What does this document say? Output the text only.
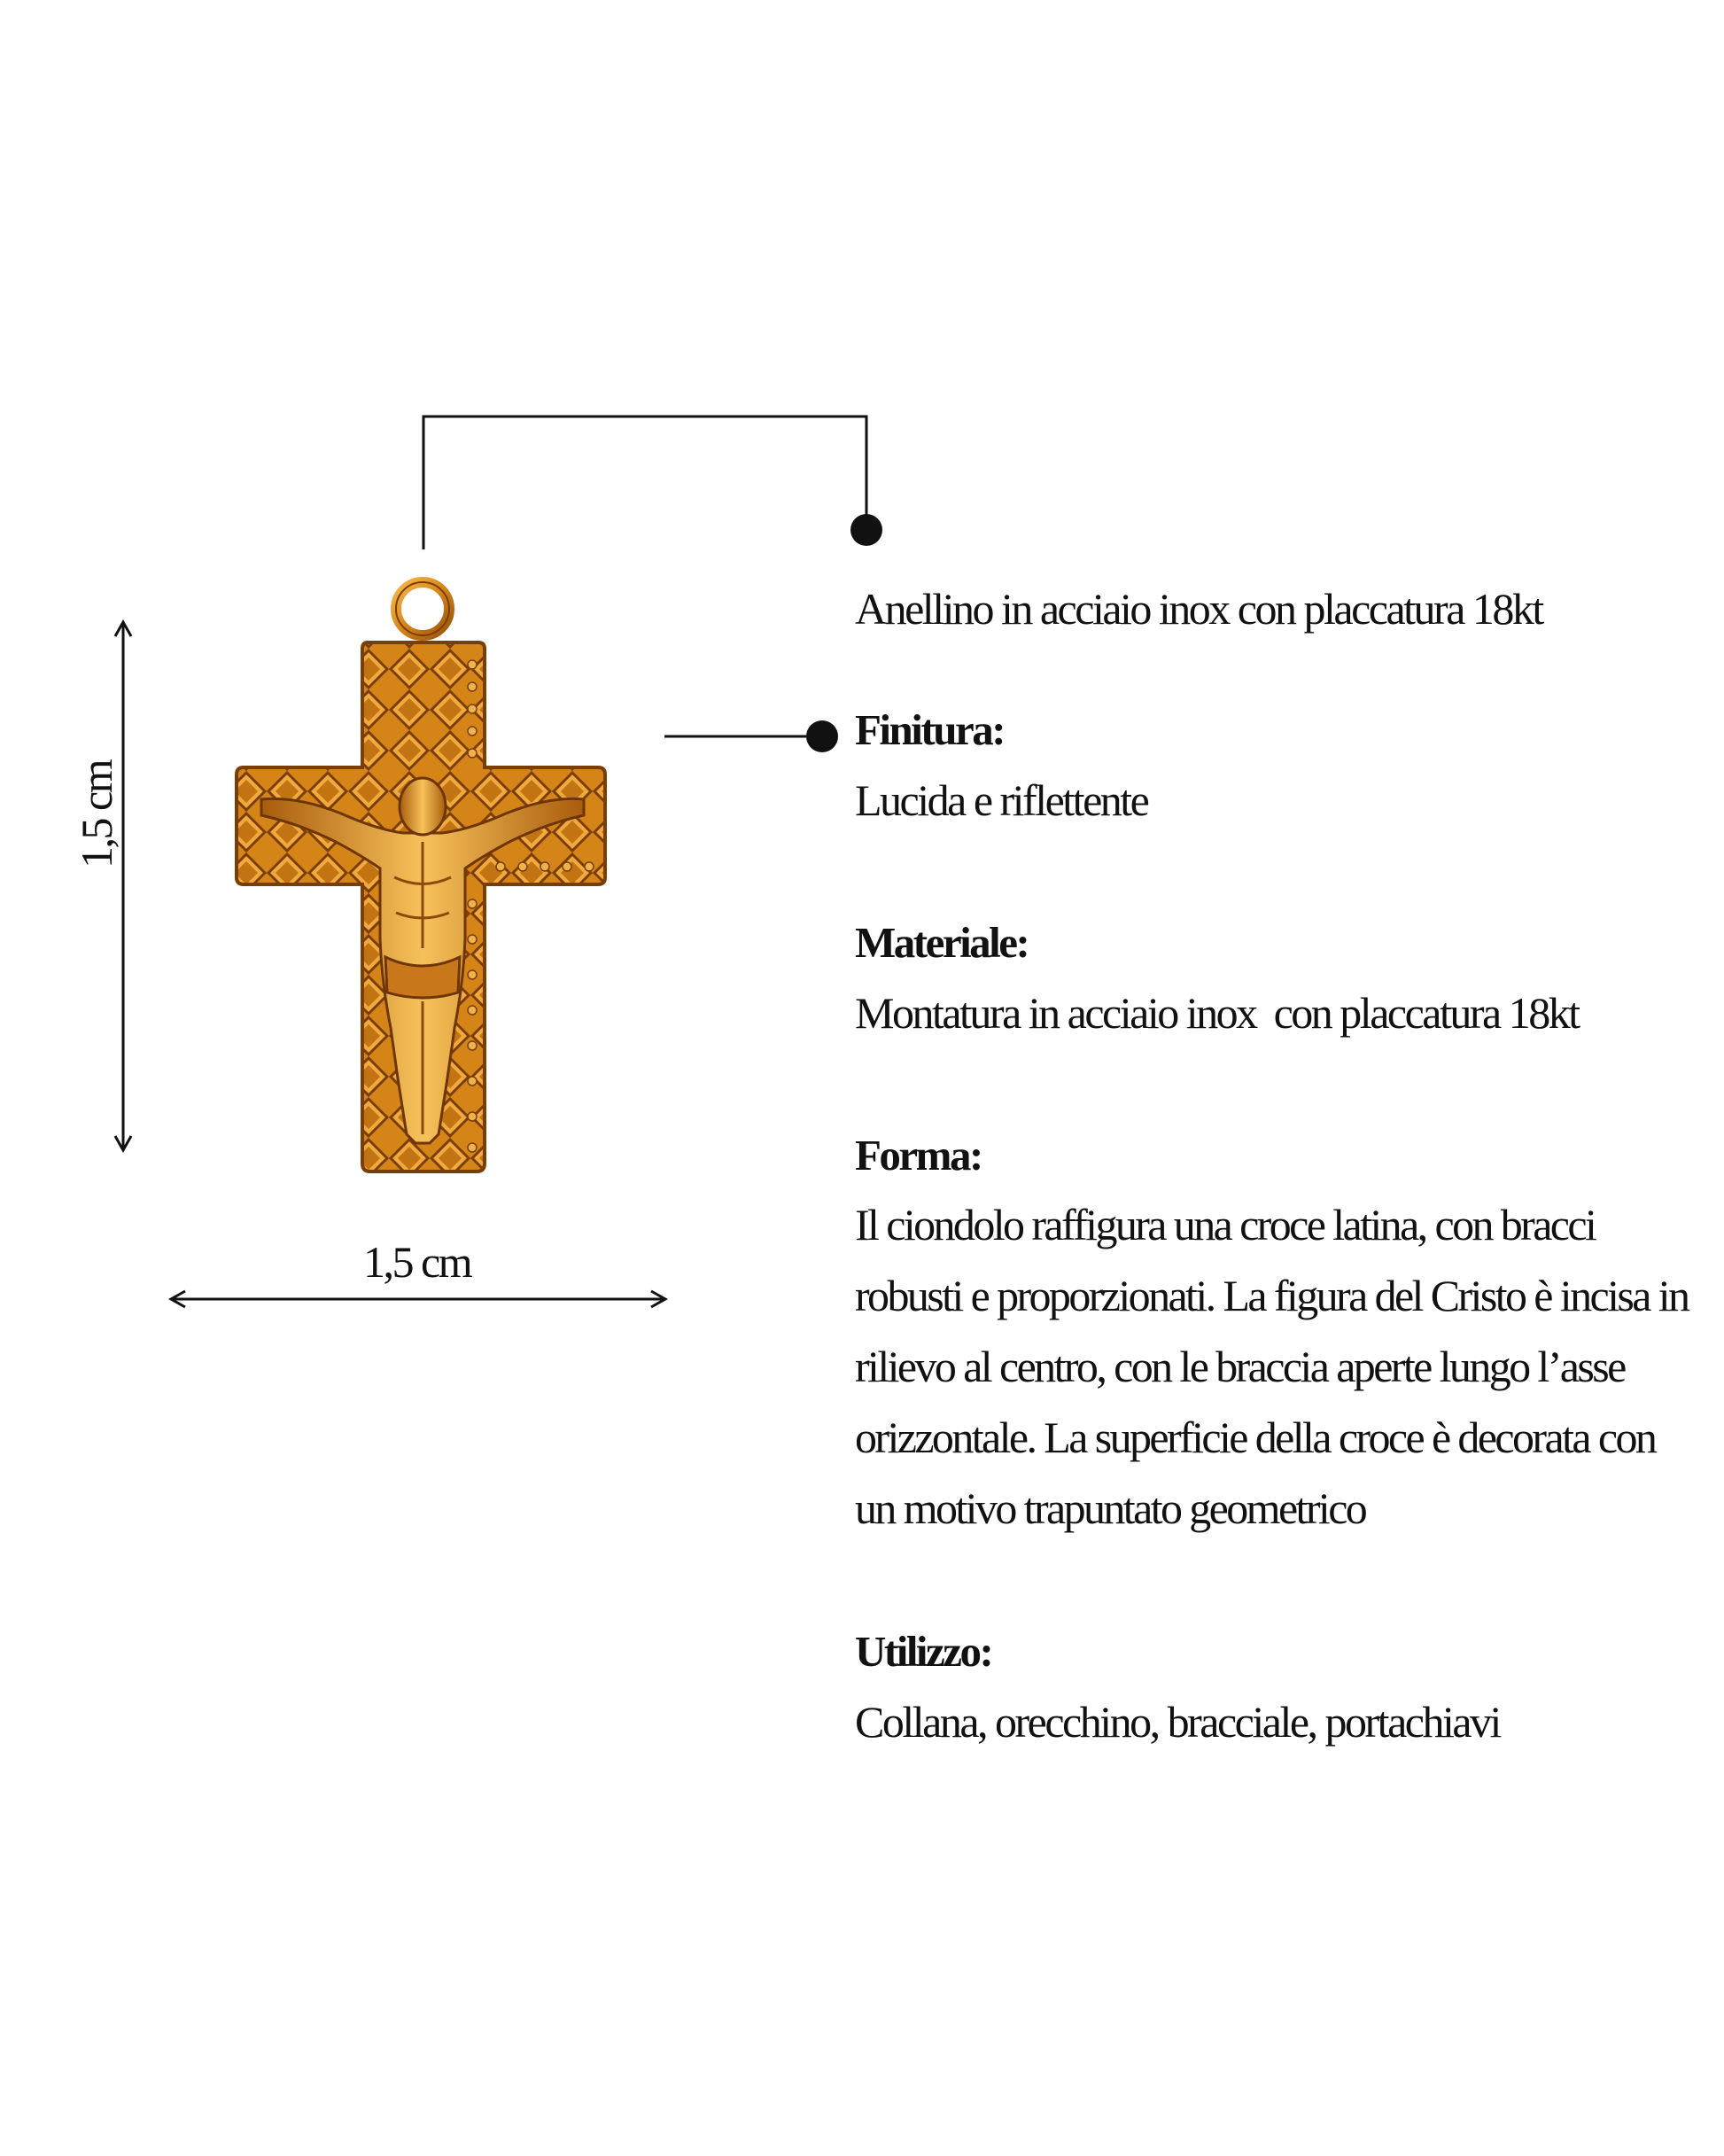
1,5 cm
1,5 cm
Anellino in acciaio inox con placcatura 18kt
Finitura:
Lucida e riflettente
Materiale:
Montatura in acciaio inox  con placcatura 18kt
Forma:
Il ciondolo raffigura una croce latina, con bracci robusti e proporzionati. La figura del Cristo è incisa in rilievo al centro, con le braccia aperte lungo l’asse orizzontale. La superficie della croce è decorata con un motivo trapuntato geometrico
Utilizzo:
Collana, orecchino, bracciale, portachiavi
